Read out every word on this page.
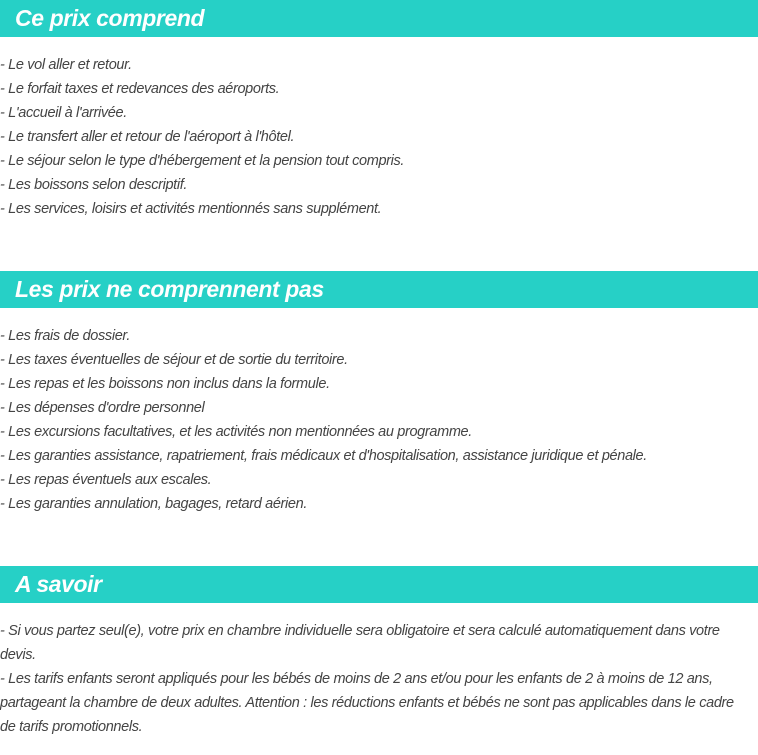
Ce prix comprend
- Le vol aller et retour.
- Le forfait taxes et redevances des aéroports.
- L'accueil à l'arrivée.
- Le transfert aller et retour de l'aéroport à l'hôtel.
- Le séjour selon le type d'hébergement et la pension tout compris.
- Les boissons selon descriptif.
- Les services, loisirs et activités mentionnés sans supplément.
Les prix ne comprennent pas
- Les frais de dossier.
- Les taxes éventuelles de séjour et de sortie du territoire.
- Les repas et les boissons non inclus dans la formule.
- Les dépenses d'ordre personnel
- Les excursions facultatives, et les activités non mentionnées au programme.
- Les garanties assistance, rapatriement, frais médicaux et d'hospitalisation, assistance juridique et pénale.
- Les repas éventuels aux escales.
- Les garanties annulation, bagages, retard aérien.
A savoir

- Si vous partez seul(e), votre prix en chambre individuelle sera obligatoire et sera calculé automatiquement dans votre devis.

- Les tarifs enfants seront appliqués pour les bébés de moins de 2 ans et/ou pour les enfants de 2 à moins de 12 ans, partageant la chambre de deux adultes. Attention : les réductions enfants et bébés ne sont pas applicables dans le cadre de tarifs promotionnels.
